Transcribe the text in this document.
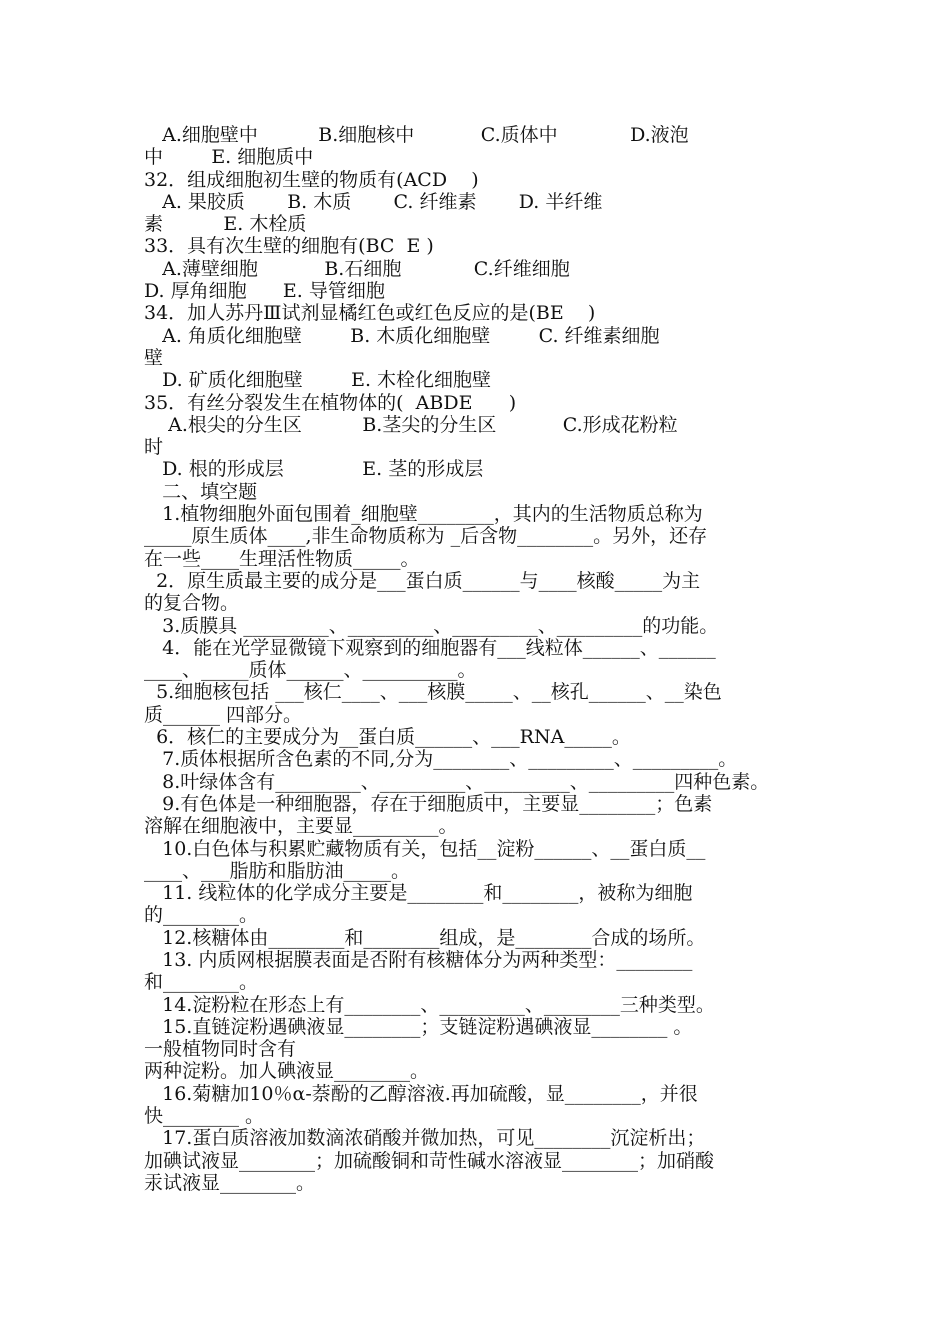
A.细胞壁中          B.细胞核中           C.质体中            D.液泡
中        E. 细胞质中
32．组成细胞初生壁的物质有(ACD    )
A. 果胶质       B. 木质       C. 纤维素       D. 半纤维
素          E. 木栓质
33．具有次生壁的细胞有(BC  E )
A.薄壁细胞           B.石细胞            C.纤维细胞
D. 厚角细胞      E. 导管细胞
34．加人苏丹Ⅲ试剂显橘红色或红色反应的是(BE    )
A. 角质化细胞壁        B. 木质化细胞壁        C. 纤维素细胞
壁
D. 矿质化细胞壁        E. 木栓化细胞壁
35．有丝分裂发生在植物体的(  ABDE      )
A.根尖的分生区          B.茎尖的分生区           C.形成花粉粒
时
D. 根的形成层             E. 茎的形成层
二、填空题
1.植物细胞外面包围着_细胞壁________，其内的生活物质总称为
_____原生质体____,非生命物质称为 _后含物________。另外，还存
在一些____生理活性物质_____。
2．原生质最主要的成分是___蛋白质______与____核酸_____为主
的复合物。
3.质膜具 _________、_________、_________、_________的功能。
4．能在光学显微镜下观察到的细胞器有___线粒体______、______
____、_____质体______、__________。
5.细胞核包括 ___核仁____、___核膜_____、__核孔______、__染色
质______ 四部分。
6．核仁的主要成分为__蛋白质______、___RNA_____。
7.质体根据所含色素的不同,分为________、_________、_________。
8.叶绿体含有_________、_________、_________、_________四种色素。
9.有色体是一种细胞器，存在于细胞质中，主要显________；色素
溶解在细胞液中，主要显_________。
10.白色体与积累贮藏物质有关，包括__淀粉______、__蛋白质__
____、___脂肪和脂肪油_____。
11. 线粒体的化学成分主要是________和________，被称为细胞
的________。
12.核糖体由________和________组成，是________合成的场所。
13. 内质网根据膜表面是否附有核糖体分为两种类型：________
和________。
14.淀粉粒在形态上有________、_________、________三种类型。
15.直链淀粉遇碘液显________；支链淀粉遇碘液显________ 。
一般植物同时含有
两种淀粉。加人碘液显________。
16.菊糖加10％α-萘酚的乙醇溶液.再加硫酸，显________，并很
快________ 。
17.蛋白质溶液加数滴浓硝酸并微加热，可见________沉淀析出；
加碘试液显________；加硫酸铜和苛性碱水溶液显________；加硝酸
汞试液显________。
